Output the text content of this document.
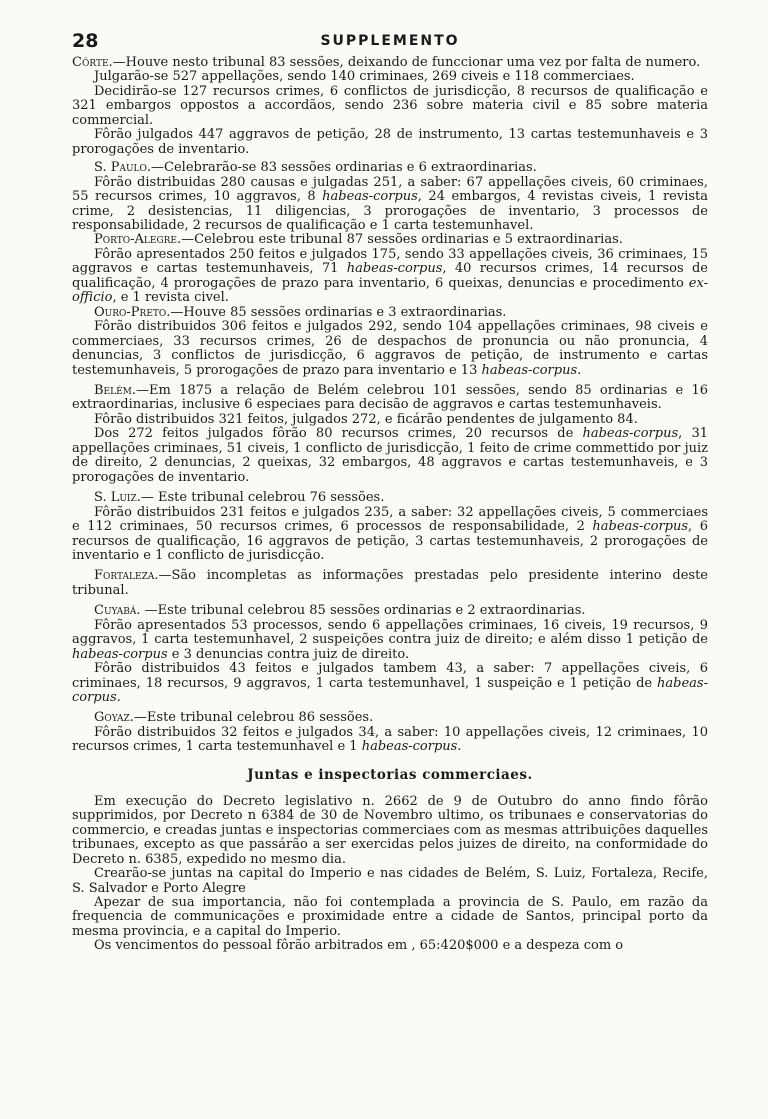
28	SUPPLEMENTO

Côrte.—Houve nesto tribunal 83 sessões, deixando de funccionar uma vez por falta de numero.

Julgarão-se 527 appellações, sendo 140 criminaes, 269 civeis e 118 commerciaes.

Decidirão-se 127 recursos crimes, 6 conflictos de jurisdicção, 8 recursos de qualificação e 321 embargos oppostos a accordãos, sendo 236 sobre materia civil e 85 sobre materia commercial.

Fôrão julgados 447 aggravos de petição, 28 de instrumento, 13 cartas testemunhaveis e 3 prorogações de inventario.

S. Paulo.—Celebrarão-se 83 sessões ordinarias e 6 extraordinarias.

Fôrão distribuidas 280 causas e julgadas 251, a saber: 67 appellações civeis, 60 criminaes, 55 recursos crimes, 10 aggravos, 8 habeas-corpus, 24 embargos, 4 revistas civeis, 1 revista crime, 2 desistencias, 11 diligencias, 3 prorogações de inventario, 3 processos de responsabilidade, 2 recursos de qualificação e 1 carta testemunhavel.

Porto-Alegre.—Celebrou este tribunal 87 sessões ordinarias e 5 extraordinarias.

Fôrão apresentados 250 feitos e julgados 175, sendo 33 appellações civeis, 36 criminaes, 15 aggravos e cartas testemunhaveis, 71 habeas-corpus, 40 recursos crimes, 14 recursos de qualificação, 4 prorogações de prazo para inventario, 6 queixas, denuncias e procedimento ex-officio, e 1 revista civel.

Ouro-Preto.—Houve 85 sessões ordinarias e 3 extraordinarias.

Fôrão distribuidos 306 feitos e julgados 292, sendo 104 appellações criminaes, 98 civeis e commerciaes, 33 recursos crimes, 26 de despachos de pronuncia ou não pronuncia, 4 denuncias, 3 conflictos de jurisdicção, 6 aggravos de petição, de instrumento e cartas testemunhaveis, 5 prorogações de prazo para inventario e 13 habeas-corpus.

Belém.—Em 1875 a relação de Belém celebrou 101 sessões, sendo 85 ordinarias e 16 extraordinarias, inclusive 6 especiaes para decisão de aggravos e cartas testemunhaveis.

Fôrão distribuidos 321 feitos, julgados 272, e ficárão pendentes de julgamento 84.

Dos 272 feitos julgados fôrão 80 recursos crimes, 20 recursos de habeas-corpus, 31 appellações criminaes, 51 civeis, 1 conflicto de jurisdicção, 1 feito de crime commettido por juiz de direito, 2 denuncias, 2 queixas, 32 embargos, 48 aggravos e cartas testemunhaveis, e 3 prorogações de inventario.

S. Luiz.— Este tribunal celebrou 76 sessões.

Fôrão distribuidos 231 feitos e julgados 235, a saber: 32 appellações civeis, 5 commerciaes e 112 criminaes, 50 recursos crimes, 6 processos de responsabilidade, 2 habeas-corpus, 6 recursos de qualificação, 16 aggravos de petição, 3 cartas testemunhaveis, 2 prorogações de inventario e 1 conflicto de jurisdicção.

Fortaleza.—São incompletas as informações prestadas pelo presidente interino deste tribunal.

Cuyabá. —Este tribunal celebrou 85 sessões ordinarias e 2 extraordinarias.

Fôrão apresentados 53 processos, sendo 6 appellações criminaes, 16 civeis, 19 recursos, 9 aggravos, 1 carta testemunhavel, 2 suspeições contra juiz de direito; e além disso 1 petição de habeas-corpus e 3 denuncias contra juiz de direito.

Fôrão distribuidos 43 feitos e julgados tambem 43, a saber: 7 appellações civeis, 6 criminaes, 18 recursos, 9 aggravos, 1 carta testemunhavel, 1 suspeição e 1 petição de habeas-corpus.

Goyaz.—Este tribunal celebrou 86 sessões.

Fôrão distribuidos 32 feitos e julgados 34, a saber: 10 appellações civeis, 12 criminaes, 10 recursos crimes, 1 carta testemunhavel e 1 habeas-corpus.

Juntas e inspectorias commerciaes.

Em execução do Decreto legislativo n. 2662 de 9 de Outubro do anno findo fôrão supprimidos, por Decreto n 6384 de 30 de Novembro ultimo, os tribunaes e conservatorias do commercio, e creadas juntas e inspectorias commerciaes com as mesmas attribuições daquelles tribunaes, excepto as que passárão a ser exercidas pelos juizes de direito, na conformidade do Decreto n. 6385, expedido no mesmo dia.

Crearão-se juntas na capital do Imperio e nas cidades de Belém, S. Luiz, Fortaleza, Recife, S. Salvador e Porto Alegre

Apezar de sua importancia, não foi contemplada a provincia de S. Paulo, em razão da frequencia de communicações e proximidade entre a cidade de Santos, principal porto da mesma provincia, e a capital do Imperio.

Os vencimentos do pessoal fôrão arbitrados em , 65:420$000 e a despeza com o
